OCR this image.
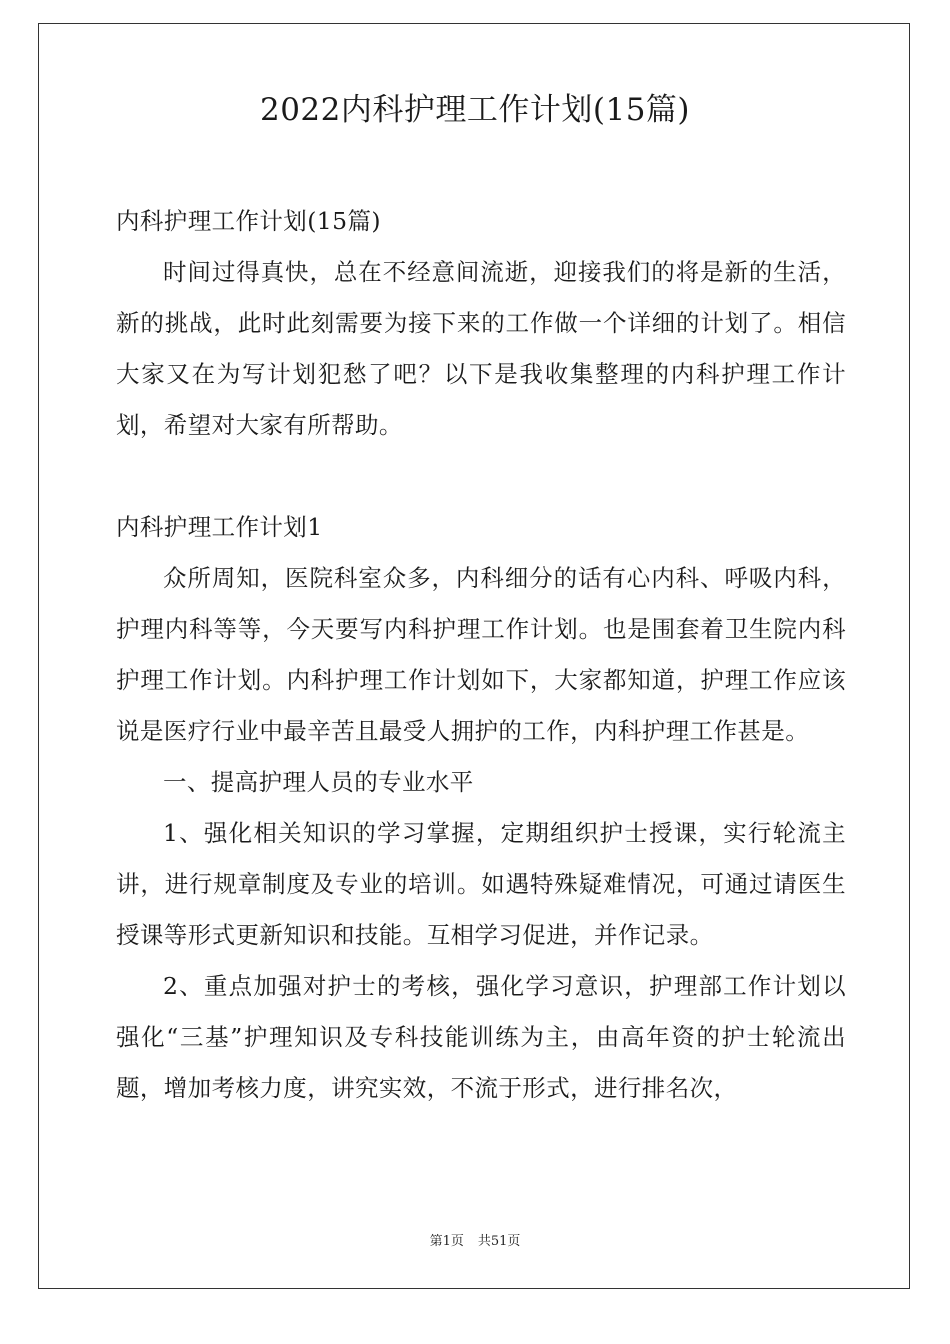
2022内科护理工作计划(15篇)

内科护理工作计划(15篇)

时间过得真快，总在不经意间流逝，迎接我们的将是新的生活，新的挑战，此时此刻需要为接下来的工作做一个详细的计划了。相信大家又在为写计划犯愁了吧？以下是我收集整理的内科护理工作计划，希望对大家有所帮助。

内科护理工作计划1

众所周知，医院科室众多，内科细分的话有心内科、呼吸内科，护理内科等等，今天要写内科护理工作计划。也是围套着卫生院内科护理工作计划。内科护理工作计划如下，大家都知道，护理工作应该说是医疗行业中最辛苦且最受人拥护的工作，内科护理工作甚是。

一、提高护理人员的专业水平

1、强化相关知识的学习掌握，定期组织护士授课，实行轮流主讲，进行规章制度及专业的培训。如遇特殊疑难情况，可通过请医生授课等形式更新知识和技能。互相学习促进，并作记录。

2、重点加强对护士的考核，强化学习意识，护理部工作计划以强化“三基”护理知识及专科技能训练为主，由高年资的护士轮流出题，增加考核力度，讲究实效，不流于形式，进行排名次，

第1页 共51页
